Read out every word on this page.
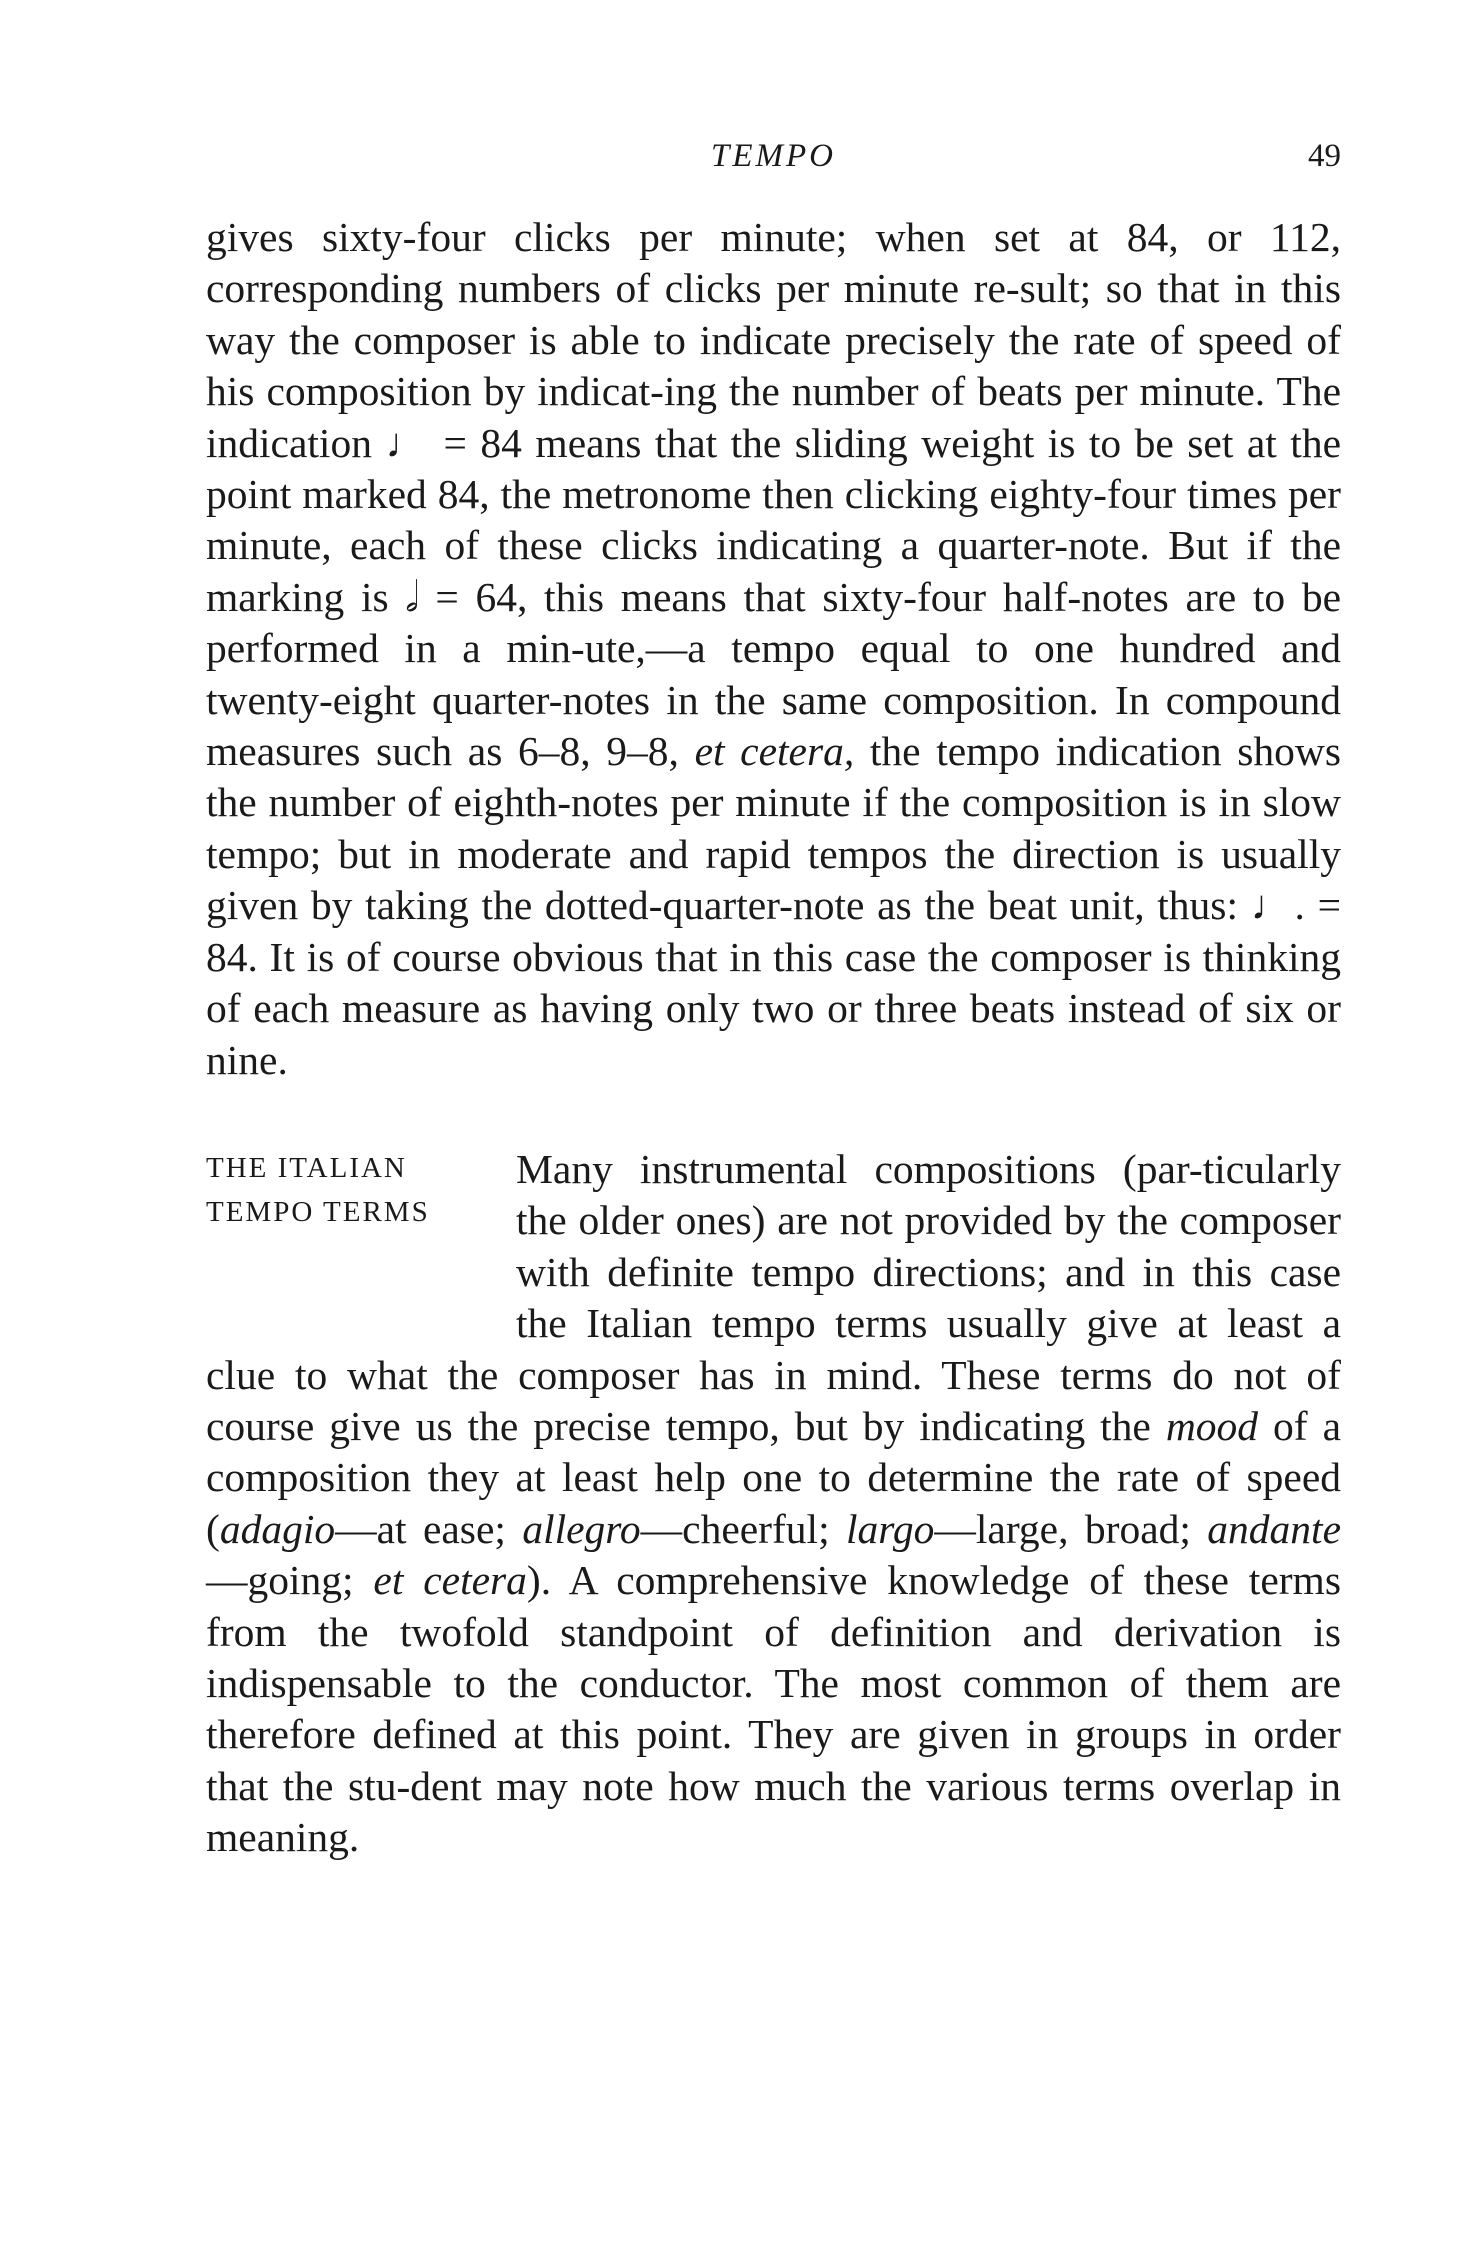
TEMPO	49

gives sixty-four clicks per minute; when set at 84, or 112, corresponding numbers of clicks per minute re-sult; so that in this way the composer is able to indicate precisely the rate of speed of his composition by indicat-ing the number of beats per minute. The indication ♩ = 84 means that the sliding weight is to be set at the point marked 84, the metronome then clicking eighty-four times per minute, each of these clicks indicating a quarter-note. But if the marking is 𝅗𝅥 = 64, this means that sixty-four half-notes are to be performed in a min-ute,—a tempo equal to one hundred and twenty-eight quarter-notes in the same composition. In compound measures such as 6–8, 9–8, et cetera, the tempo indication shows the number of eighth-notes per minute if the composition is in slow tempo; but in moderate and rapid tempos the direction is usually given by taking the dotted-quarter-note as the beat unit, thus: ♩. = 84. It is of course obvious that in this case the composer is thinking of each measure as having only two or three beats instead of six or nine.

THE ITALIAN
TEMPO TERMS

Many instrumental compositions (par-ticularly the older ones) are not provided by the composer with definite tempo directions; and in this case the Italian tempo terms usually give at least a clue to what the composer has in mind. These terms do not of course give us the precise tempo, but by indicating the mood of a composition they at least help one to determine the rate of speed (adagio—at ease; allegro—cheerful; largo—large, broad; andante—going; et cetera). A comprehensive knowledge of these terms from the twofold standpoint of definition and derivation is indispensable to the conductor. The most common of them are therefore defined at this point. They are given in groups in order that the stu-dent may note how much the various terms overlap in meaning.
